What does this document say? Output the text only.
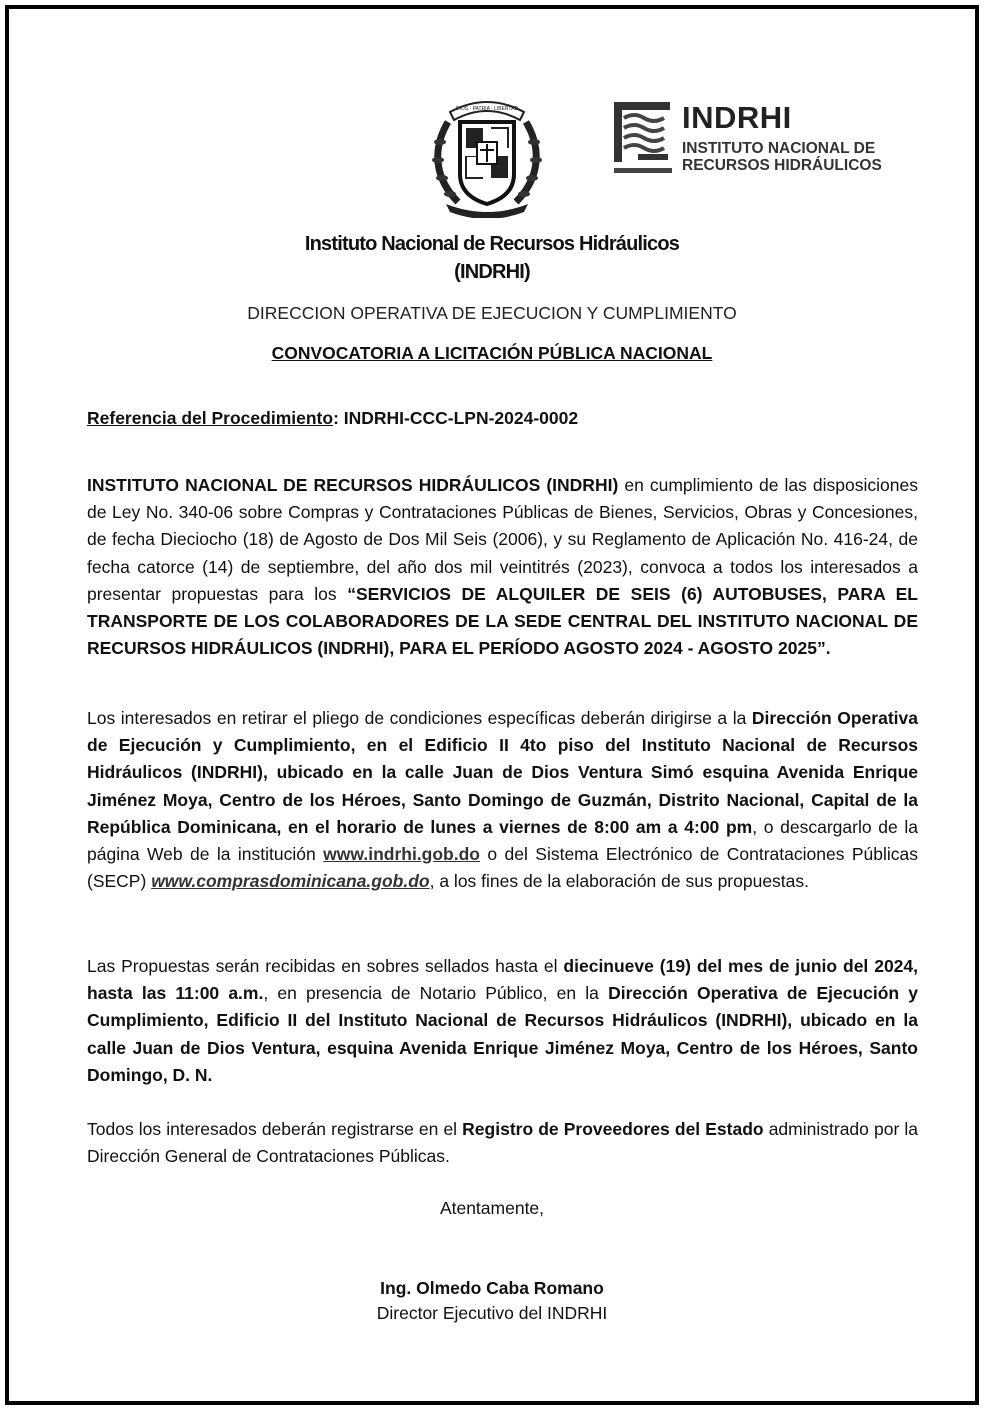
DIOS · PATRIA · LIBERTAD	INDRHI
INSTITUTO NACIONAL DE
RECURSOS HIDRÁULICOS
Instituto Nacional de Recursos Hidráulicos
(INDRHI)
DIRECCION OPERATIVA DE EJECUCION Y CUMPLIMIENTO
CONVOCATORIA A LICITACIÓN PÚBLICA NACIONAL
Referencia del Procedimiento: INDRHI-CCC-LPN-2024-0002
INSTITUTO NACIONAL DE RECURSOS HIDRÁULICOS (INDRHI) en cumplimiento de las disposiciones de Ley No. 340-06 sobre Compras y Contrataciones Públicas de Bienes, Servicios, Obras y Concesiones, de fecha Dieciocho (18) de Agosto de Dos Mil Seis (2006), y su Reglamento de Aplicación No. 416-24, de fecha catorce (14) de septiembre, del año dos mil veintitrés (2023), convoca a todos los interesados a presentar propuestas para los “SERVICIOS DE ALQUILER DE SEIS (6) AUTOBUSES, PARA EL TRANSPORTE DE LOS COLABORADORES DE LA SEDE CENTRAL DEL INSTITUTO NACIONAL DE RECURSOS HIDRÁULICOS (INDRHI), PARA EL PERÍODO AGOSTO 2024 - AGOSTO 2025”.
Los interesados en retirar el pliego de condiciones específicas deberán dirigirse a la Dirección Operativa de Ejecución y Cumplimiento, en el Edificio II 4to piso del Instituto Nacional de Recursos Hidráulicos (INDRHI), ubicado en la calle Juan de Dios Ventura Simó esquina Avenida Enrique Jiménez Moya, Centro de los Héroes, Santo Domingo de Guzmán, Distrito Nacional, Capital de la República Dominicana, en el horario de lunes a viernes de 8:00 am a 4:00 pm, o descargarlo de la página Web de la institución www.indrhi.gob.do o del Sistema Electrónico de Contrataciones Públicas (SECP) www.comprasdominicana.gob.do, a los fines de la elaboración de sus propuestas.
Las Propuestas serán recibidas en sobres sellados hasta el diecinueve (19) del mes de junio del 2024, hasta las 11:00 a.m., en presencia de Notario Público, en la Dirección Operativa de Ejecución y Cumplimiento, Edificio II del Instituto Nacional de Recursos Hidráulicos (INDRHI), ubicado en la calle Juan de Dios Ventura, esquina Avenida Enrique Jiménez Moya, Centro de los Héroes, Santo Domingo, D. N.
Todos los interesados deberán registrarse en el Registro de Proveedores del Estado administrado por la Dirección General de Contrataciones Públicas.
Atentamente,
Ing. Olmedo Caba Romano
Director Ejecutivo del INDRHI
